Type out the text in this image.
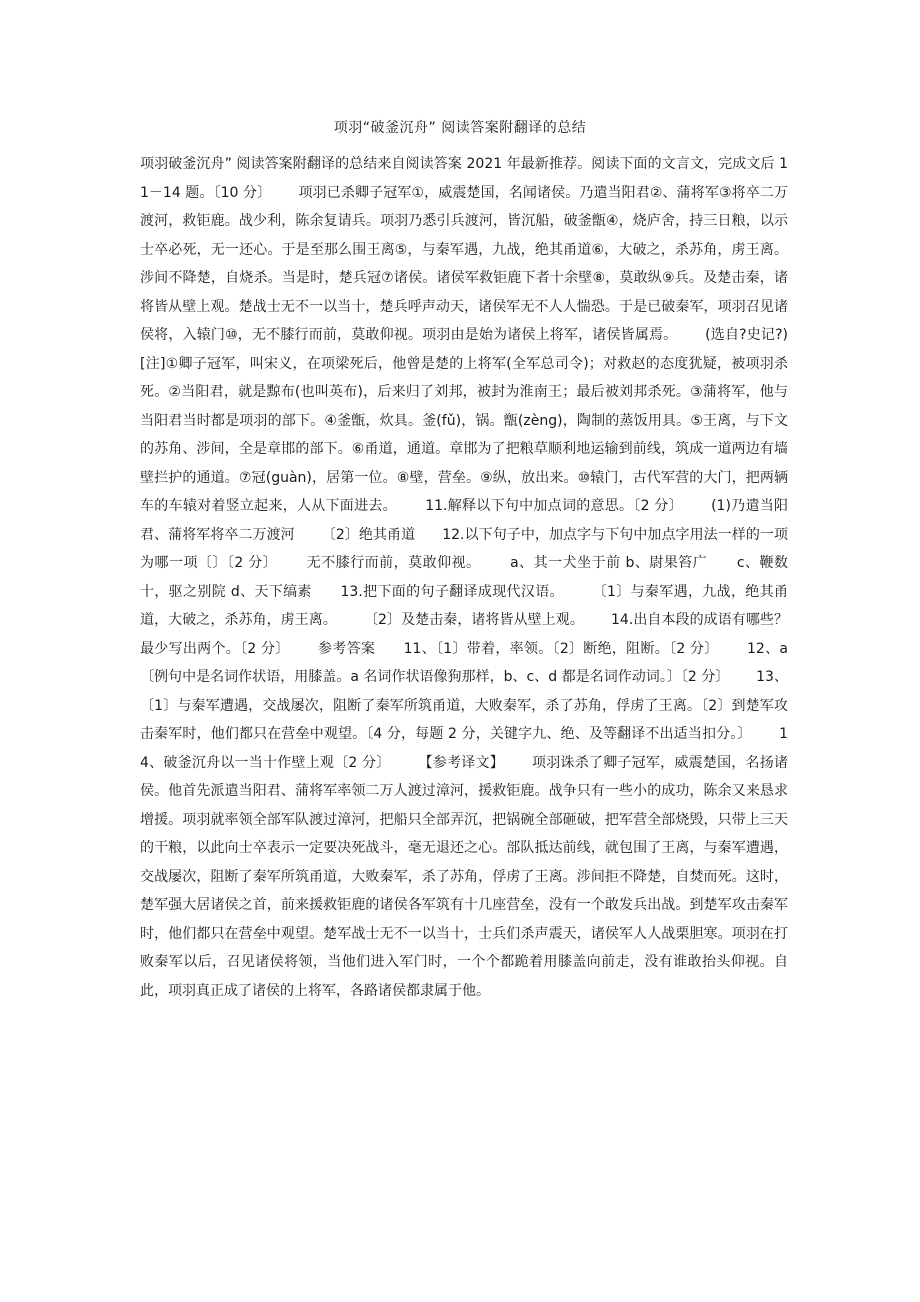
项羽“破釜沉舟” 阅读答案附翻译的总结
项羽破釜沉舟” 阅读答案附翻译的总结来自阅读答案 2021 年最新推荐。阅读下面的文言文，完成文后 11－14 题。〔10 分〕      项羽已杀卿子冠军①，威震楚国，名闻诸侯。乃遣当阳君②、蒲将军③将卒二万渡河，救钜鹿。战少利，陈余复请兵。项羽乃悉引兵渡河，皆沉船，破釜甑④，烧庐舍，持三日粮，以示士卒必死，无一还心。于是至那么围王离⑤，与秦军遇，九战，绝其甬道⑥，大破之，杀苏角，虏王离。涉间不降楚，自烧杀。当是时，楚兵冠⑦诸侯。诸侯军救钜鹿下者十余壁⑧，莫敢纵⑨兵。及楚击秦，诸将皆从壁上观。楚战士无不一以当十，楚兵呼声动天，诸侯军无不人人惴恐。于是已破秦军，项羽召见诸侯将，入辕门⑩，无不膝行而前，莫敢仰视。项羽由是始为诸侯上将军，诸侯皆属焉。      (选自?史记?)      [注]①卿子冠军，叫宋义，在项梁死后，他曾是楚的上将军(全军总司令)；对救赵的态度犹疑，被项羽杀死。②当阳君，就是黥布(也叫英布)，后来归了刘邦，被封为淮南王；最后被刘邦杀死。③蒲将军，他与当阳君当时都是项羽的部下。④釜甑，炊具。釜(fǔ)，锅。甑(zèng)，陶制的蒸饭用具。⑤王离，与下文的苏角、涉间，全是章邯的部下。⑥甬道，通道。章邯为了把粮草顺利地运输到前线，筑成一道两边有墙壁拦护的通道。⑦冠(guàn)，居第一位。⑧壁，营垒。⑨纵，放出来。⑩辕门，古代军营的大门，把两辆车的车辕对着竖立起来，人从下面进去。      11.解释以下句中加点词的意思。〔2 分〕      (1)乃遣当阳君、蒲将军将卒二万渡河      〔2〕绝其甬道      12.以下句子中，加点字与下句中加点字用法一样的一项为哪一项〔〕〔2 分〕      无不膝行而前，莫敢仰视。      a、其一犬坐于前 b、尉果笞广      c、鞭数十，驱之别院 d、天下缟素      13.把下面的句子翻译成现代汉语。      〔1〕与秦军遇，九战，绝其甬道，大破之，杀苏角，虏王离。      〔2〕及楚击秦，诸将皆从壁上观。      14.出自本段的成语有哪些？最少写出两个。〔2 分〕      参考答案      11、〔1〕带着，率领。〔2〕断绝，阻断。〔2 分〕      12、a〔例句中是名词作状语，用膝盖。a 名词作状语像狗那样，b、c、d 都是名词作动词。〕〔2 分〕      13、〔1〕与秦军遭遇，交战屡次，阻断了秦军所筑甬道，大败秦军，杀了苏角，俘虏了王离。〔2〕到楚军攻击秦军时，他们都只在营垒中观望。〔4 分，每题 2 分，关键字九、绝、及等翻译不出适当扣分。〕      14、破釜沉舟以一当十作壁上观〔2 分〕      【参考译文】      项羽诛杀了卿子冠军，威震楚国，名扬诸侯。他首先派遣当阳君、蒲将军率领二万人渡过漳河，援救钜鹿。战争只有一些小的成功，陈余又来恳求增援。项羽就率领全部军队渡过漳河，把船只全部弄沉，把锅碗全部砸破，把军营全部烧毁，只带上三天的干粮，以此向士卒表示一定要决死战斗，毫无退还之心。部队抵达前线，就包围了王离，与秦军遭遇，交战屡次，阻断了秦军所筑甬道，大败秦军，杀了苏角，俘虏了王离。涉间拒不降楚，自焚而死。这时，楚军强大居诸侯之首，前来援救钜鹿的诸侯各军筑有十几座营垒，没有一个敢发兵出战。到楚军攻击秦军时，他们都只在营垒中观望。楚军战士无不一以当十，士兵们杀声震天，诸侯军人人战栗胆寒。项羽在打败秦军以后，召见诸侯将领，当他们进入军门时，一个个都跪着用膝盖向前走，没有谁敢抬头仰视。自此，项羽真正成了诸侯的上将军，各路诸侯都隶属于他。
